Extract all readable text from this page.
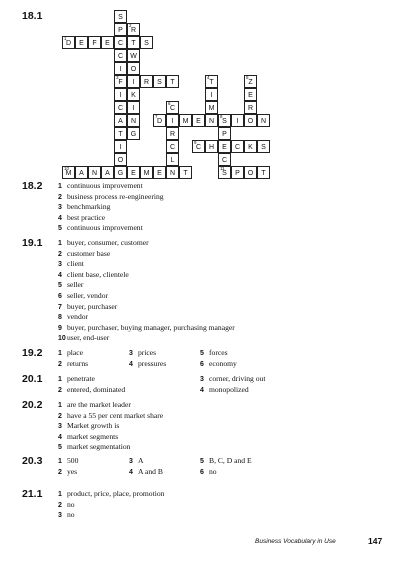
S
P
2
R
1
D	E	F	E	C	T	S
C	W
I	O
3
F	I	R	S	T
4
T
5
Z
I	K	I	E
C	I
6
C	M	R
A	N
7
D	I	M	E	N
8
S	I	O	N
T	G	R	P
I	C
9
C	H	E	C	K	S
O	L	C
10
M	A	N	A	G	E	M	E	N	T
11
S	P	O	T
18.1
18.2 1 continuous improvement
2 business process re-engineering
3 benchmarking
4 best practice
5 continuous improvement
19.1 1 buyer, consumer, customer
2 customer base
3 client
4 client base, clientele
5 seller
6 seller, vendor
7 buyer, purchaser
8 vendor
9 buyer, purchaser, buying manager, purchasing manager
10user, end-user
20.1 1 penetrate	3 corner, driving out
2 entered, dominated	4 monopolized
20.2 1 are the market leader
2 have a 55 per cent market share
3 Market growth is
4 market segments
5 market segmentation
21.1 1 product, price, place, promotion
2 no
3 no
19.2 1 place	3 prices	5 forces
2 returns	4 pressures	6 economy
20.3 1 500	3 A	5 B, C, D and E
2 yes	4 A and B	6 no
Business Vocabulary in Use	147
